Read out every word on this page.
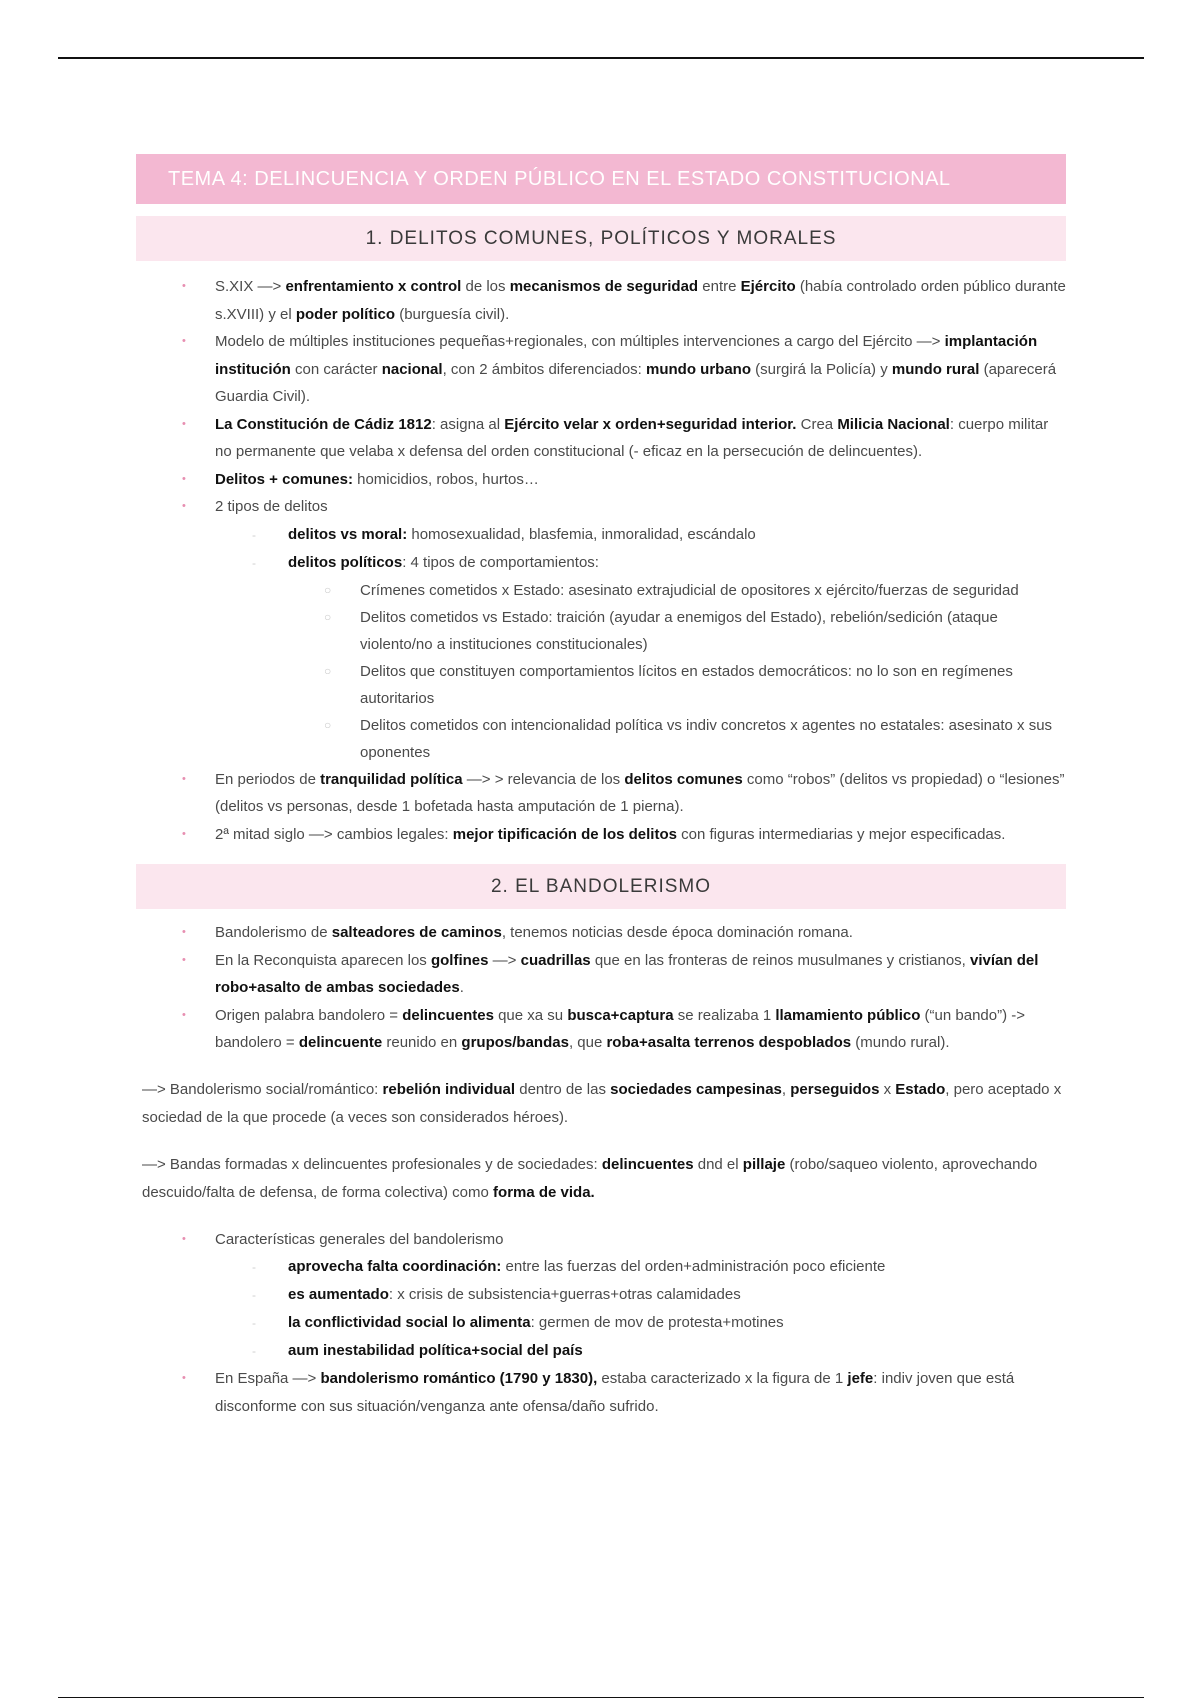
TEMA 4: DELINCUENCIA Y ORDEN PÚBLICO EN EL ESTADO CONSTITUCIONAL
1. DELITOS COMUNES, POLÍTICOS Y MORALES
• S.XIX —> enfrentamiento x control de los mecanismos de seguridad entre Ejército (había controlado orden público durante s.XVIII) y el poder político (burguesía civil).
• Modelo de múltiples instituciones pequeñas+regionales, con múltiples intervenciones a cargo del Ejército —> implantación institución con carácter nacional, con 2 ámbitos diferenciados: mundo urbano (surgirá la Policía) y mundo rural (aparecerá Guardia Civil).
• La Constitución de Cádiz 1812: asigna al Ejército velar x orden+seguridad interior. Crea Milicia Nacional: cuerpo militar no permanente que velaba x defensa del orden constitucional (- eficaz en la persecución de delincuentes).
• Delitos + comunes: homicidios, robos, hurtos…
• 2 tipos de delitos
- delitos vs moral: homosexualidad, blasfemia, inmoralidad, escándalo
- delitos políticos: 4 tipos de comportamientos:
○ Crímenes cometidos x Estado: asesinato extrajudicial de opositores x ejército/fuerzas de seguridad
○ Delitos cometidos vs Estado: traición (ayudar a enemigos del Estado), rebelión/sedición (ataque violento/no a instituciones constitucionales)
○ Delitos que constituyen comportamientos lícitos en estados democráticos: no lo son en regímenes autoritarios
○ Delitos cometidos con intencionalidad política vs indiv concretos x agentes no estatales: asesinato x sus oponentes
• En periodos de tranquilidad política —> > relevancia de los delitos comunes como “robos” (delitos vs propiedad) o “lesiones” (delitos vs personas, desde 1 bofetada hasta amputación de 1 pierna).
• 2ª mitad siglo —> cambios legales: mejor tipificación de los delitos con figuras intermediarias y mejor especificadas.
2. EL BANDOLERISMO
• Bandolerismo de salteadores de caminos, tenemos noticias desde época dominación romana.
• En la Reconquista aparecen los golfines —> cuadrillas que en las fronteras de reinos musulmanes y cristianos, vivían del robo+asalto de ambas sociedades.
• Origen palabra bandolero = delincuentes que xa su busca+captura se realizaba 1 llamamiento público (“un bando”) -> bandolero = delincuente reunido en grupos/bandas, que roba+asalta terrenos despoblados (mundo rural).

—> Bandolerismo social/romántico: rebelión individual dentro de las sociedades campesinas, perseguidos x Estado, pero aceptado x sociedad de la que procede (a veces son considerados héroes).

—> Bandas formadas x delincuentes profesionales y de sociedades: delincuentes dnd el pillaje (robo/saqueo violento, aprovechando descuido/falta de defensa, de forma colectiva) como forma de vida.

• Características generales del bandolerismo
- aprovecha falta coordinación: entre las fuerzas del orden+administración poco eficiente
- es aumentado: x crisis de subsistencia+guerras+otras calamidades
- la conflictividad social lo alimenta: germen de mov de protesta+motines
- aum inestabilidad política+social del país
• En España —> bandolerismo romántico (1790 y 1830), estaba caracterizado x la figura de 1 jefe: indiv joven que está disconforme con sus situación/venganza ante ofensa/daño sufrido.
